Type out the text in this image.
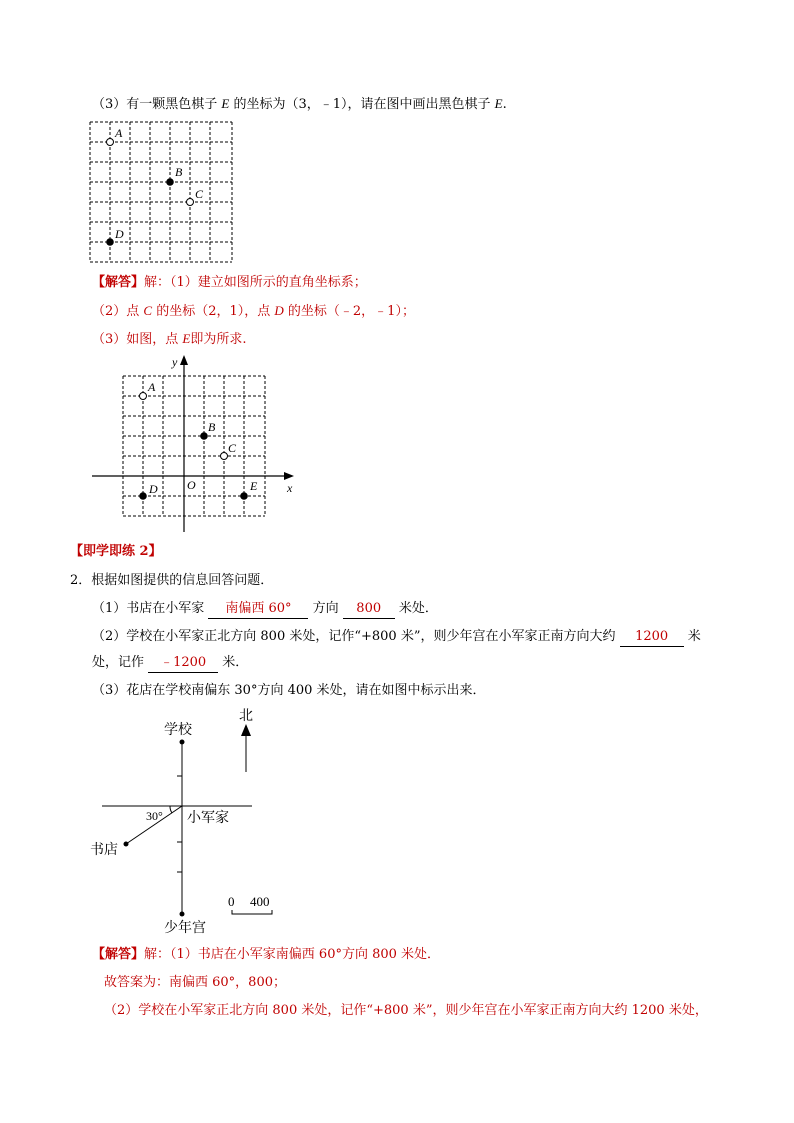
（3）有一颗黑色棋子 E 的坐标为（3，﹣1），请在图中画出黑色棋子 E.
A
B
C
D
【解答】解：（1）建立如图所示的直角坐标系；
（2）点 C 的坐标（2，1），点 D 的坐标（﹣2，﹣1）；
（3）如图，点 E即为所求.
x
y
O
A
B
C
D	E
【即学即练 2】
2．根据如图提供的信息回答问题．
（1）书店在小军家 南偏西 60° 方向 800 米处．
（2）学校在小军家正北方向 800 米处，记作“+800 米”，则少年宫在小军家正南方向大约 1200 米
处，记作 ﹣1200 米．
（3）花店在学校南偏东 30°方向 400 米处，请在如图中标示出来．
学校
少年宫
书店
30° 小军家
北
0 400
【解答】解：（1）书店在小军家南偏西 60°方向 800 米处．
故答案为：南偏西 60°，800；
（2）学校在小军家正北方向 800 米处，记作“+800 米”，则少年宫在小军家正南方向大约 1200 米处，
